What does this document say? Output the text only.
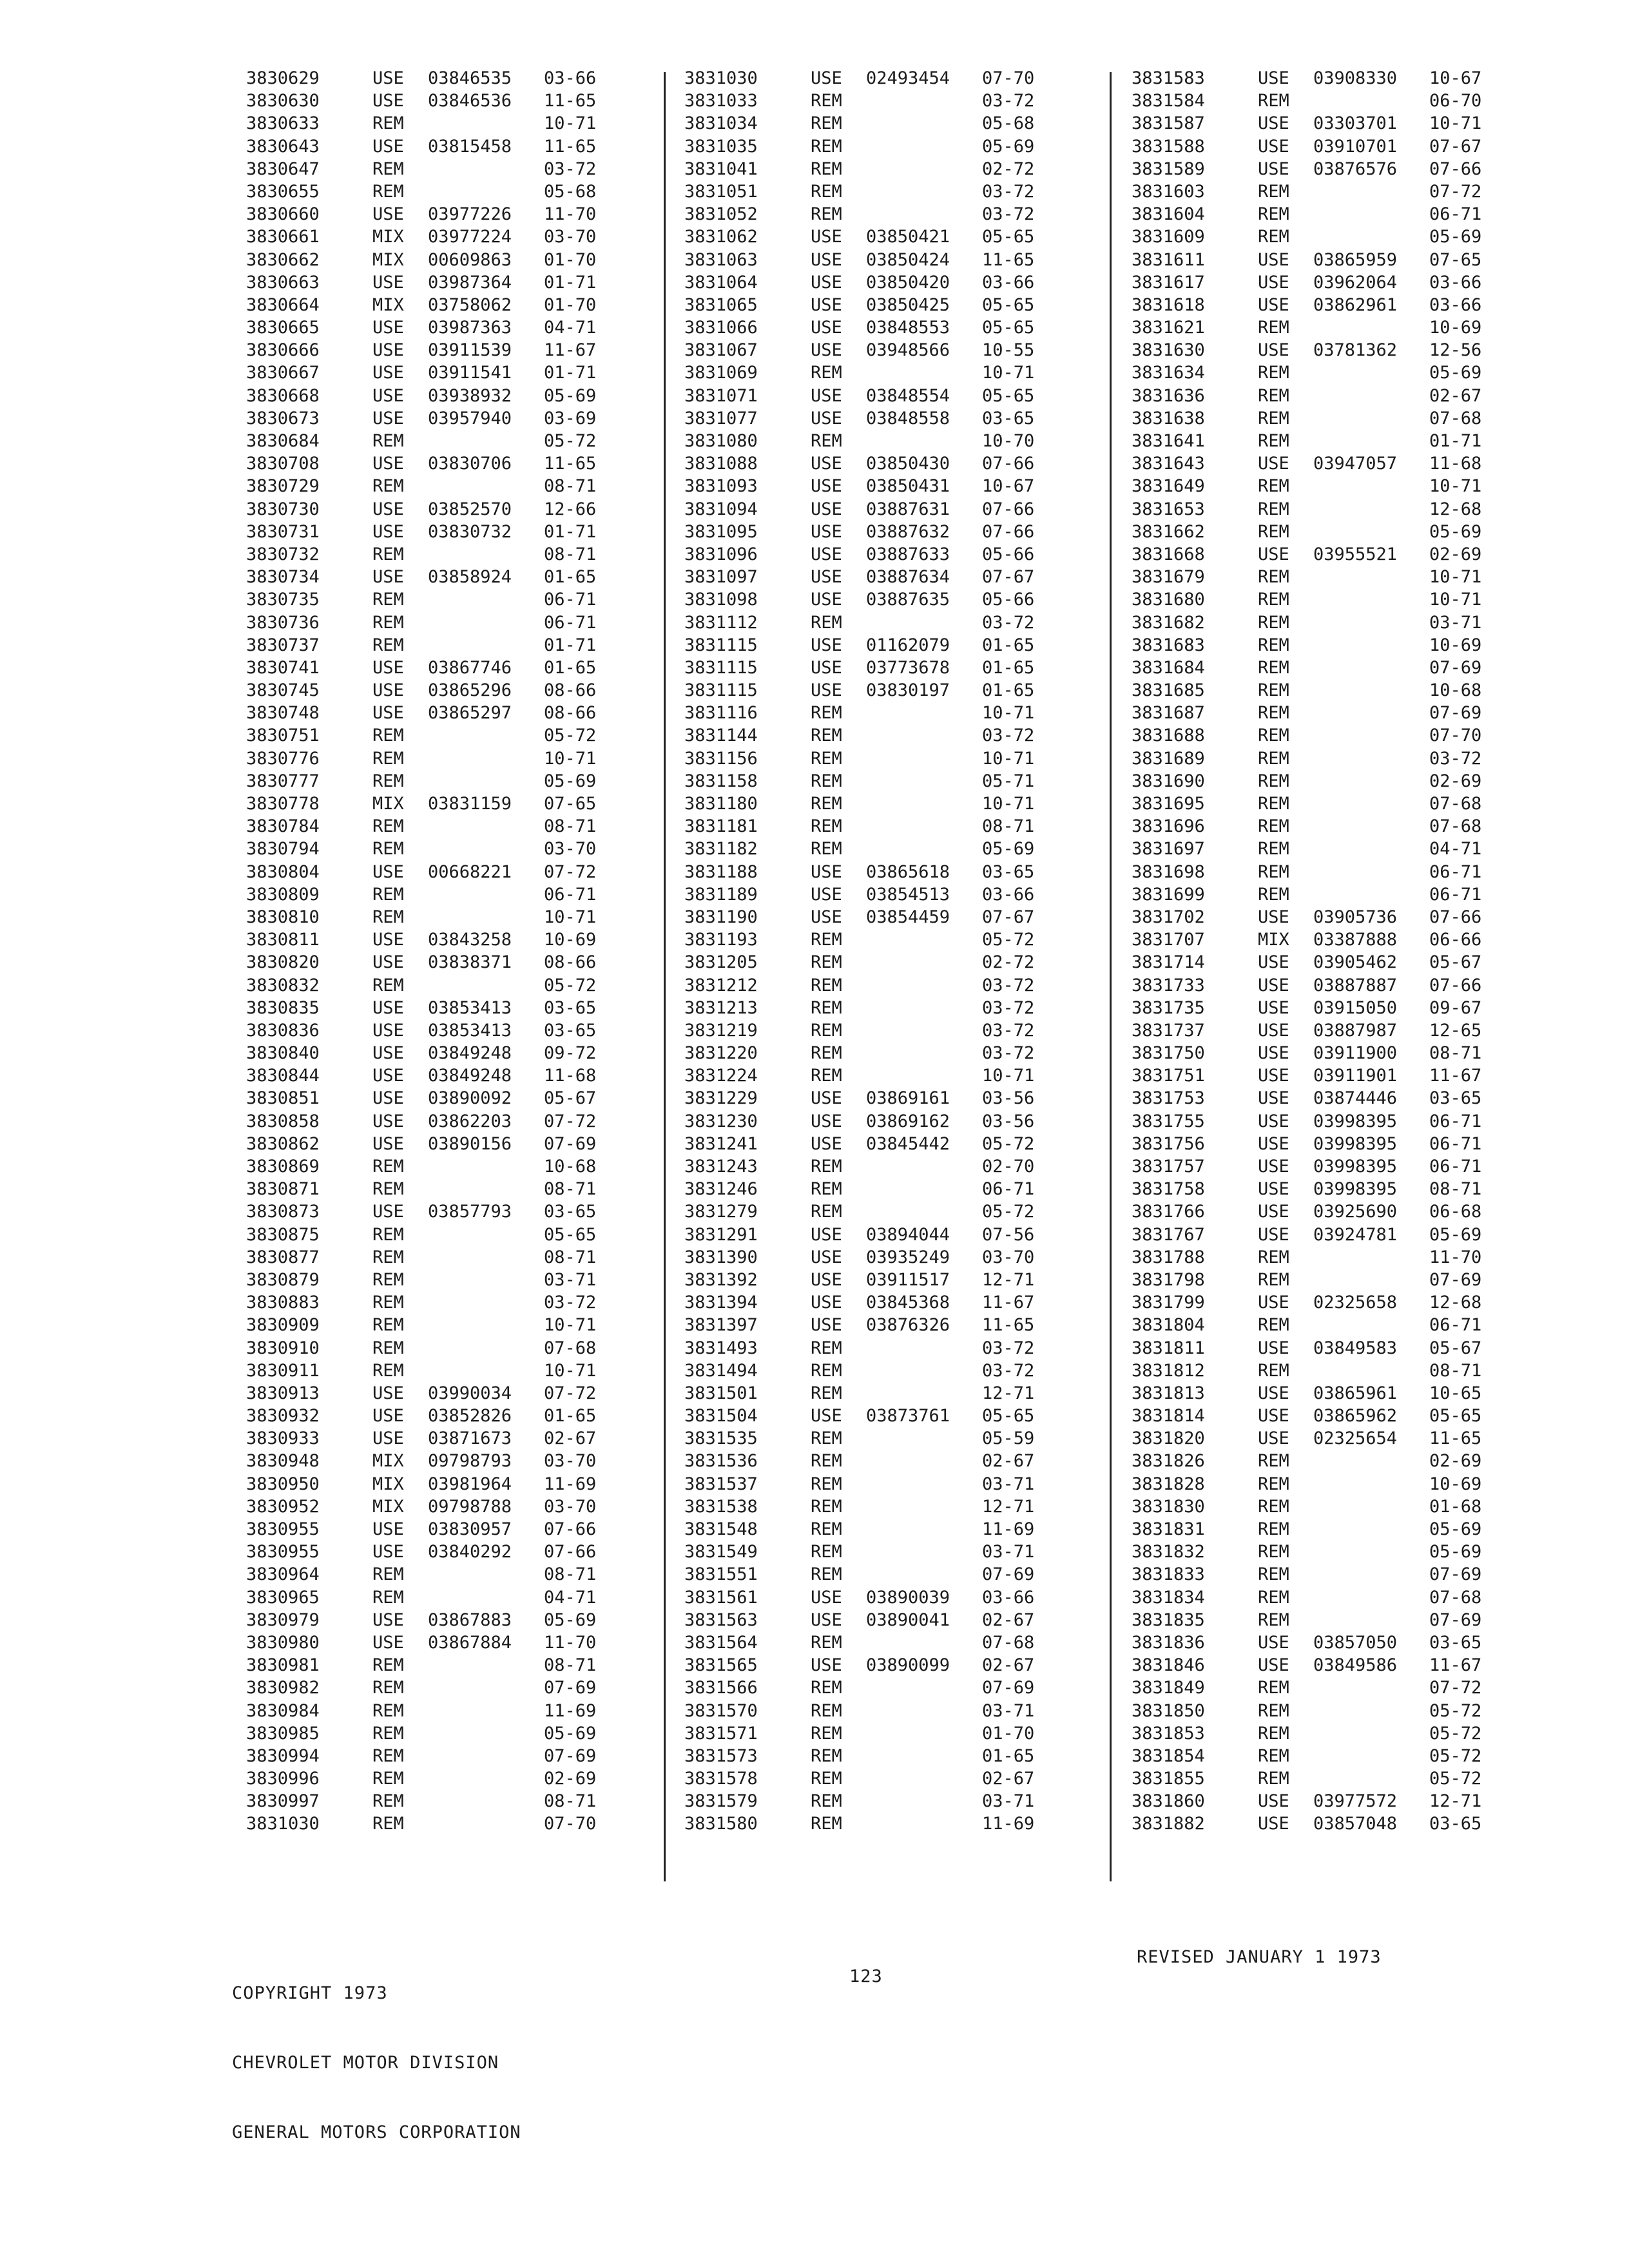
3830629	USE 03846535 03-66
3830630	USE 03846536 11-65
3830633	REM	10-71
3830643	USE 03815458 11-65
3830647	REM	03-72
3830655	REM	05-68
3830660	USE 03977226 11-70
3830661	MIX 03977224 03-70
3830662	MIX 00609863 01-70
3830663	USE 03987364 01-71
3830664	MIX 03758062 01-70
3830665	USE 03987363 04-71
3830666	USE 03911539 11-67
3830667	USE 03911541 01-71
3830668	USE 03938932 05-69
3830673	USE 03957940 03-69
3830684	REM	05-72
3830708	USE 03830706 11-65
3830729	REM	08-71
3830730	USE 03852570 12-66
3830731	USE 03830732 01-71
3830732	REM	08-71
3830734	USE 03858924 01-65
3830735	REM	06-71
3830736	REM	06-71
3830737	REM	01-71
3830741	USE 03867746 01-65
3830745	USE 03865296 08-66
3830748	USE 03865297 08-66
3830751	REM	05-72
3830776	REM	10-71
3830777	REM	05-69
3830778	MIX 03831159 07-65
3830784	REM	08-71
3830794	REM	03-70
3830804	USE 00668221 07-72
3830809	REM	06-71
3830810	REM	10-71
3830811	USE 03843258 10-69
3830820	USE 03838371 08-66
3830832	REM	05-72
3830835	USE 03853413 03-65
3830836	USE 03853413 03-65
3830840	USE 03849248 09-72
3830844	USE 03849248 11-68
3830851	USE 03890092 05-67
3830858	USE 03862203 07-72
3830862	USE 03890156 07-69
3830869	REM	10-68
3830871	REM	08-71
3830873	USE 03857793 03-65
3830875	REM	05-65
3830877	REM	08-71
3830879	REM	03-71
3830883	REM	03-72
3830909	REM	10-71
3830910	REM	07-68
3830911	REM	10-71
3830913	USE 03990034 07-72
3830932	USE 03852826 01-65
3830933	USE 03871673 02-67
3830948	MIX 09798793 03-70
3830950	MIX 03981964 11-69
3830952	MIX 09798788 03-70
3830955	USE 03830957 07-66
3830955	USE 03840292 07-66
3830964	REM	08-71
3830965	REM	04-71
3830979	USE 03867883 05-69
3830980	USE 03867884 11-70
3830981	REM	08-71
3830982	REM	07-69
3830984	REM	11-69
3830985	REM	05-69
3830994	REM	07-69
3830996	REM	02-69
3830997	REM	08-71
3831030	REM	07-70
3831030	USE 02493454 07-70
3831033	REM	03-72
3831034	REM	05-68
3831035	REM	05-69
3831041	REM	02-72
3831051	REM	03-72
3831052	REM	03-72
3831062	USE 03850421 05-65
3831063	USE 03850424 11-65
3831064	USE 03850420 03-66
3831065	USE 03850425 05-65
3831066	USE 03848553 05-65
3831067	USE 03948566 10-55
3831069	REM	10-71
3831071	USE 03848554 05-65
3831077	USE 03848558 03-65
3831080	REM	10-70
3831088	USE 03850430 07-66
3831093	USE 03850431 10-67
3831094	USE 03887631 07-66
3831095	USE 03887632 07-66
3831096	USE 03887633 05-66
3831097	USE 03887634 07-67
3831098	USE 03887635 05-66
3831112	REM	03-72
3831115	USE 01162079 01-65
3831115	USE 03773678 01-65
3831115	USE 03830197 01-65
3831116	REM	10-71
3831144	REM	03-72
3831156	REM	10-71
3831158	REM	05-71
3831180	REM	10-71
3831181	REM	08-71
3831182	REM	05-69
3831188	USE 03865618 03-65
3831189	USE 03854513 03-66
3831190	USE 03854459 07-67
3831193	REM	05-72
3831205	REM	02-72
3831212	REM	03-72
3831213	REM	03-72
3831219	REM	03-72
3831220	REM	03-72
3831224	REM	10-71
3831229	USE 03869161 03-56
3831230	USE 03869162 03-56
3831241	USE 03845442 05-72
3831243	REM	02-70
3831246	REM	06-71
3831279	REM	05-72
3831291	USE 03894044 07-56
3831390	USE 03935249 03-70
3831392	USE 03911517 12-71
3831394	USE 03845368 11-67
3831397	USE 03876326 11-65
3831493	REM	03-72
3831494	REM	03-72
3831501	REM	12-71
3831504	USE 03873761 05-65
3831535	REM	05-59
3831536	REM	02-67
3831537	REM	03-71
3831538	REM	12-71
3831548	REM	11-69
3831549	REM	03-71
3831551	REM	07-69
3831561	USE 03890039 03-66
3831563	USE 03890041 02-67
3831564	REM	07-68
3831565	USE 03890099 02-67
3831566	REM	07-69
3831570	REM	03-71
3831571	REM	01-70
3831573	REM	01-65
3831578	REM	02-67
3831579	REM	03-71
3831580	REM	11-69
3831583	USE 03908330 10-67
3831584	REM	06-70
3831587	USE 03303701 10-71
3831588	USE 03910701 07-67
3831589	USE 03876576 07-66
3831603	REM	07-72
3831604	REM	06-71
3831609	REM	05-69
3831611	USE 03865959 07-65
3831617	USE 03962064 03-66
3831618	USE 03862961 03-66
3831621	REM	10-69
3831630	USE 03781362 12-56
3831634	REM	05-69
3831636	REM	02-67
3831638	REM	07-68
3831641	REM	01-71
3831643	USE 03947057 11-68
3831649	REM	10-71
3831653	REM	12-68
3831662	REM	05-69
3831668	USE 03955521 02-69
3831679	REM	10-71
3831680	REM	10-71
3831682	REM	03-71
3831683	REM	10-69
3831684	REM	07-69
3831685	REM	10-68
3831687	REM	07-69
3831688	REM	07-70
3831689	REM	03-72
3831690	REM	02-69
3831695	REM	07-68
3831696	REM	07-68
3831697	REM	04-71
3831698	REM	06-71
3831699	REM	06-71
3831702	USE 03905736 07-66
3831707	MIX 03387888 06-66
3831714	USE 03905462 05-67
3831733	USE 03887887 07-66
3831735	USE 03915050 09-67
3831737	USE 03887987 12-65
3831750	USE 03911900 08-71
3831751	USE 03911901 11-67
3831753	USE 03874446 03-65
3831755	USE 03998395 06-71
3831756	USE 03998395 06-71
3831757	USE 03998395 06-71
3831758	USE 03998395 08-71
3831766	USE 03925690 06-68
3831767	USE 03924781 05-69
3831788	REM	11-70
3831798	REM	07-69
3831799	USE 02325658 12-68
3831804	REM	06-71
3831811	USE 03849583 05-67
3831812	REM	08-71
3831813	USE 03865961 10-65
3831814	USE 03865962 05-65
3831820	USE 02325654 11-65
3831826	REM	02-69
3831828	REM	10-69
3831830	REM	01-68
3831831	REM	05-69
3831832	REM	05-69
3831833	REM	07-69
3831834	REM	07-68
3831835	REM	07-69
3831836	USE 03857050 03-65
3831846	USE 03849586 11-67
3831849	REM	07-72
3831850	REM	05-72
3831853	REM	05-72
3831854	REM	05-72
3831855	REM	05-72
3831860	USE 03977572 12-71
3831882	USE 03857048 03-65

COPYRIGHT 1973

CHEVROLET MOTOR DIVISION

GENERAL MOTORS CORPORATION

123
REVISED JANUARY 1 1973
